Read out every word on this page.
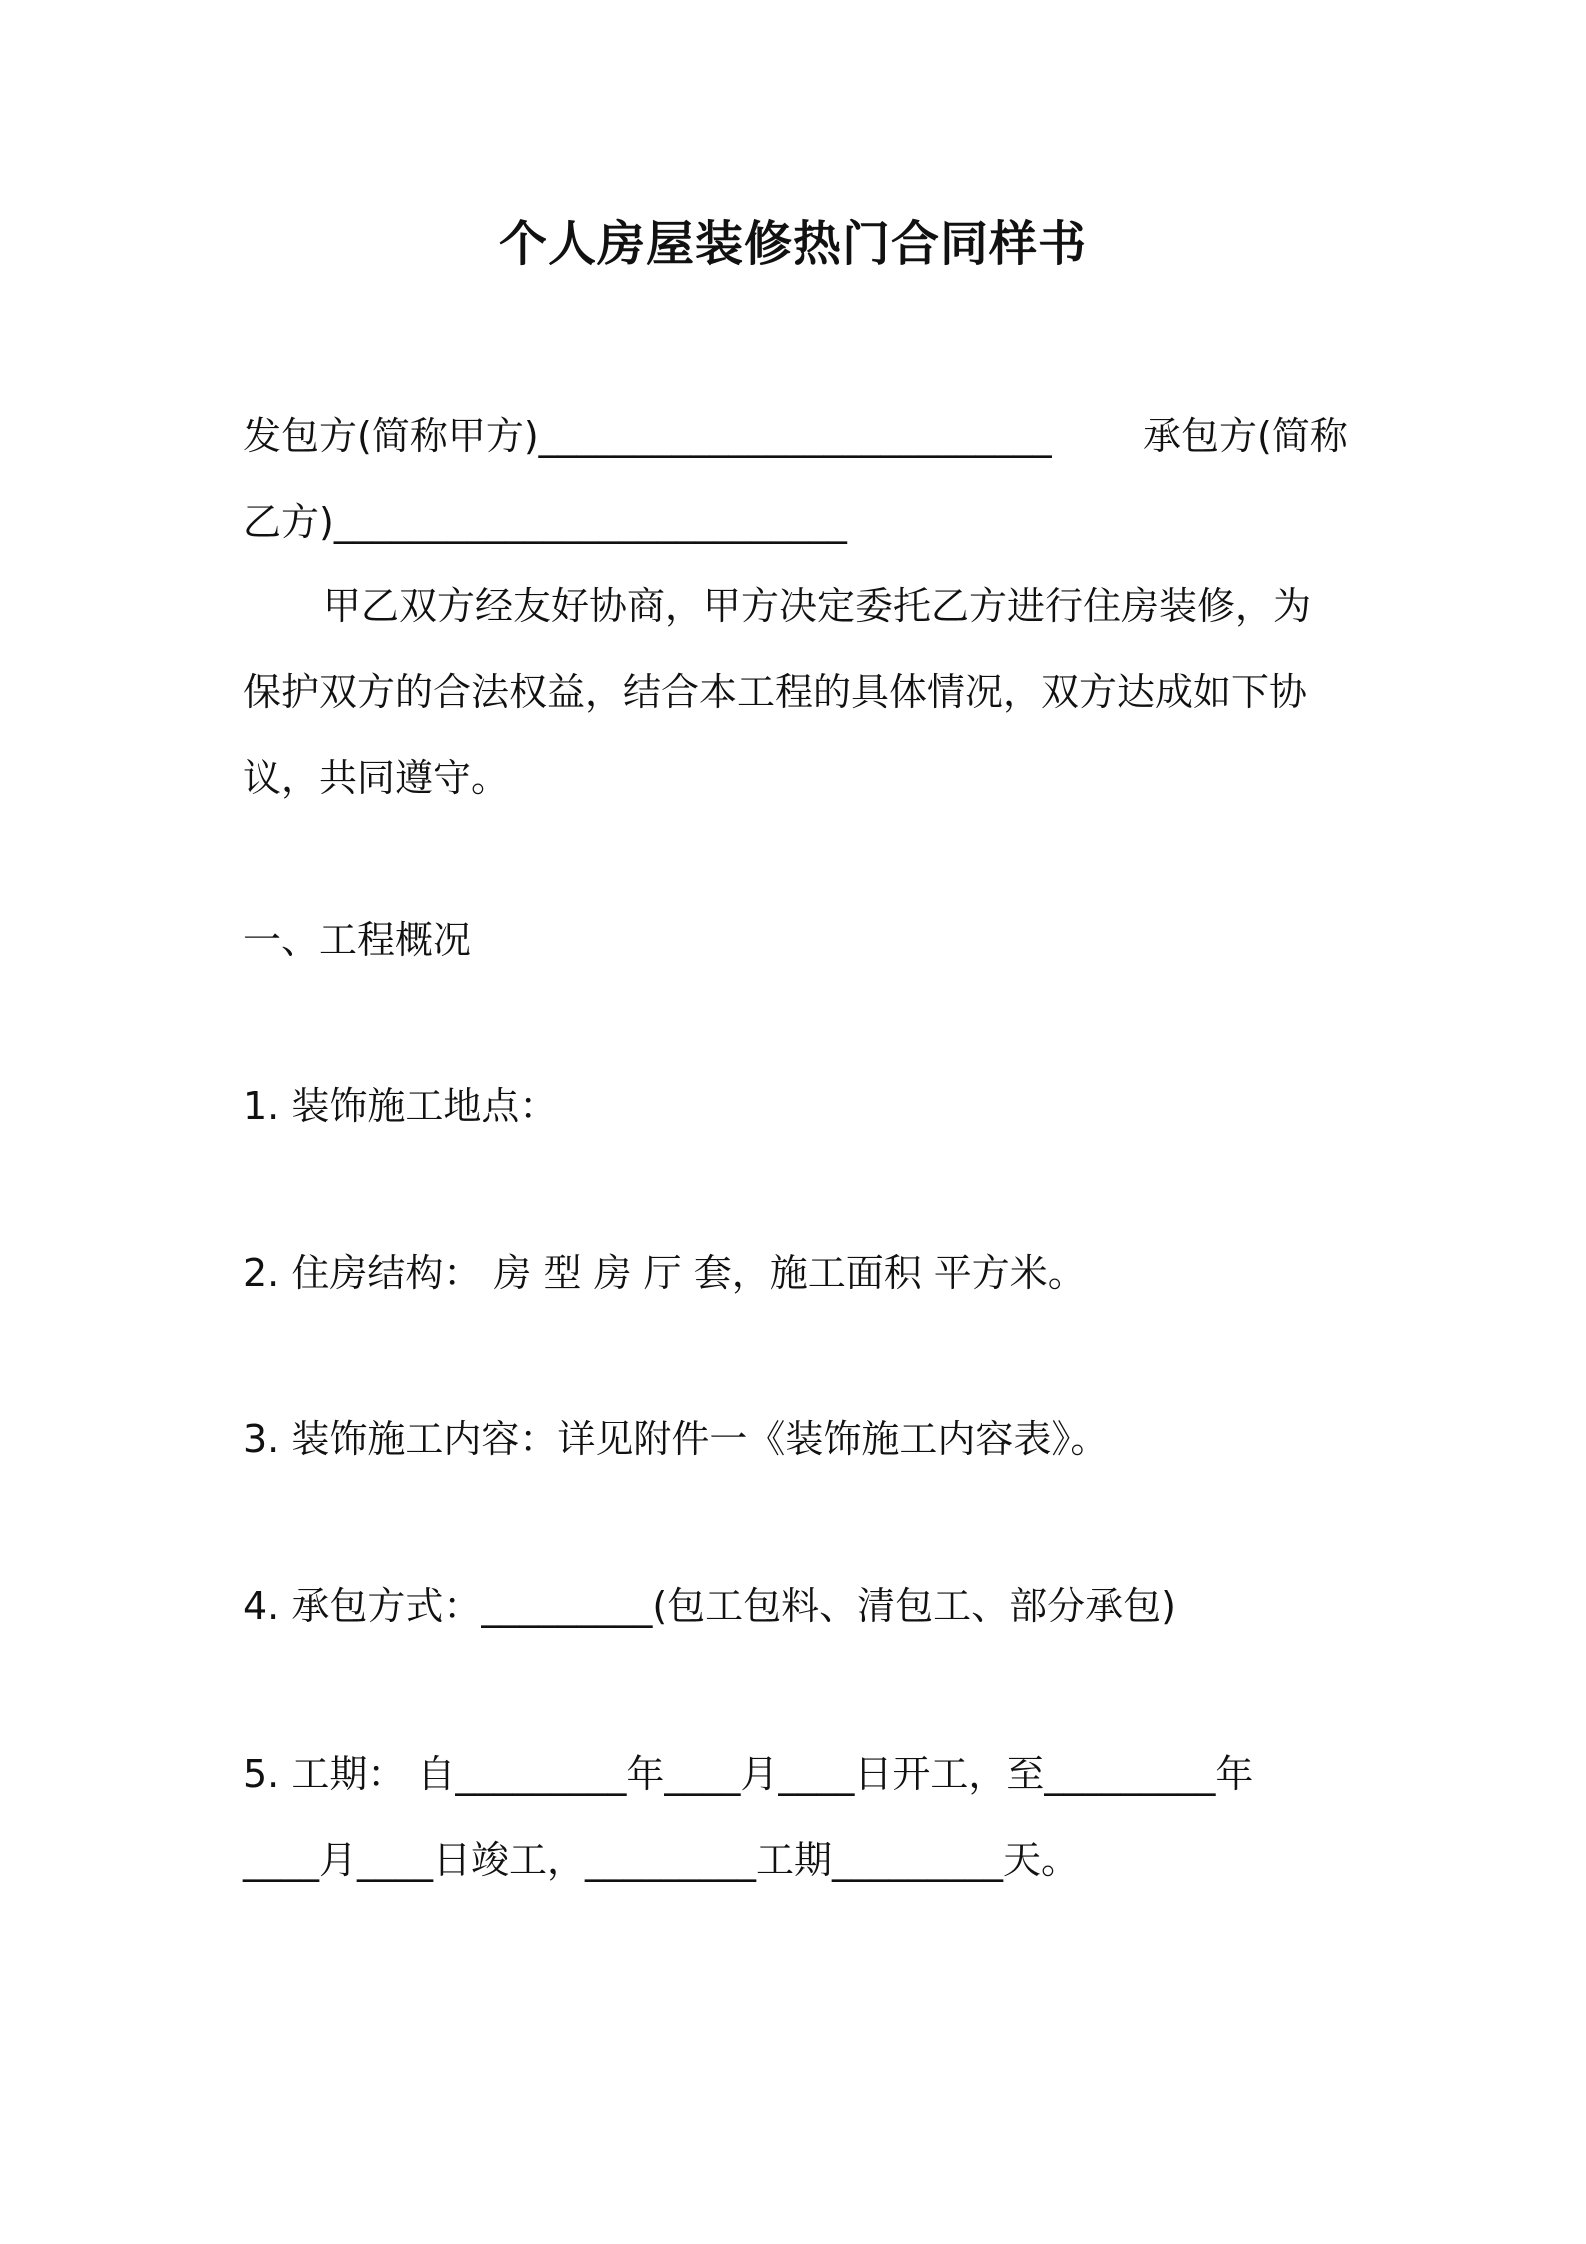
个人房屋装修热门合同样书
发包方(简称甲方)___________________________ 承包方(简称
乙方)___________________________
甲乙双方经友好协商，甲方决定委托乙方进行住房装修，为
保护双方的合法权益，结合本工程的具体情况，双方达成如下协
议，共同遵守。
一、工程概况
1. 装饰施工地点：
2. 住房结构： 房 型 房 厅 套，施工面积 平方米。
3. 装饰施工内容：详见附件一《装饰施工内容表》。
4. 承包方式：_________(包工包料、清包工、部分承包)
5. 工期： 自_________年____月____日开工，至_________年
____月____日竣工，_________工期_________天。
